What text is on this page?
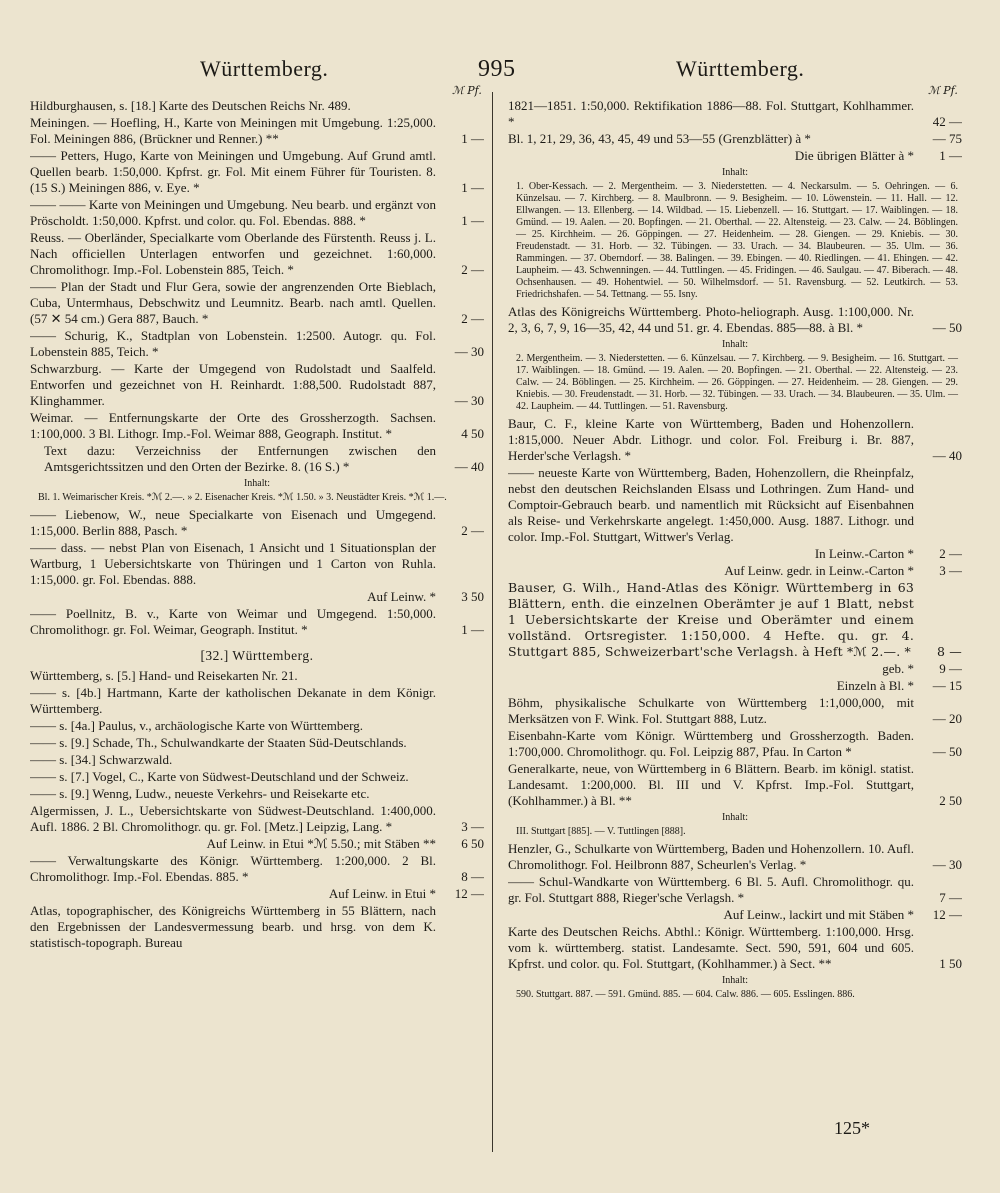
Württemberg.	995	Württemberg.
ℳ Pf.	ℳ Pf.
Hildburghausen, s. [18.] Karte des Deutschen Reichs Nr. 489.
Meiningen. — Hoefling, H., Karte von Meiningen mit Umgebung. 1:25,000. Fol. Meiningen 886, (Brückner und Renner.) **	1 —
—— Petters, Hugo, Karte von Meiningen und Umgebung. Auf Grund amtl. Quellen bearb. 1:50,000. Kpfrst. gr. Fol. Mit einem Führer für Touristen. 8. (15 S.) Meiningen 886, v. Eye. *	1 —
—— —— Karte von Meiningen und Umgebung. Neu bearb. und ergänzt von Pröscholdt. 1:50,000. Kpfrst. und color. qu. Fol. Ebendas. 888. *	1 —
Reuss. — Oberländer, Specialkarte vom Oberlande des Fürstenth. Reuss j. L. Nach officiellen Unterlagen entworfen und gezeichnet. 1:60,000. Chromolithogr. Imp.-Fol. Lobenstein 885, Teich. *	2 —
—— Plan der Stadt und Flur Gera, sowie der angrenzenden Orte Bieblach, Cuba, Untermhaus, Debschwitz und Leumnitz. Bearb. nach amtl. Quellen. (57 ✕ 54 cm.) Gera 887, Bauch. *	2 —
—— Schurig, K., Stadtplan von Lobenstein. 1:2500. Autogr. qu. Fol. Lobenstein 885, Teich. *	— 30
Schwarzburg. — Karte der Umgegend von Rudolstadt und Saalfeld. Entworfen und gezeichnet von H. Reinhardt. 1:88,500. Rudolstadt 887, Klinghammer.	— 30
Weimar. — Entfernungskarte der Orte des Grossherzogth. Sachsen. 1:100,000. 3 Bl. Lithogr. Imp.-Fol. Weimar 888, Geograph. Institut. *	4 50
Text dazu: Verzeichniss der Entfernungen zwischen den Amtsgerichtssitzen und den Orten der Bezirke. 8. (16 S.) *	— 40
Inhalt:
Bl. 1. Weimarischer Kreis. *ℳ 2.—. » 2. Eisenacher Kreis. *ℳ 1.50. » 3. Neustädter Kreis. *ℳ 1.—.
—— Liebenow, W., neue Specialkarte von Eisenach und Umgegend. 1:15,000. Berlin 888, Pasch. *	2 —
—— dass. — nebst Plan von Eisenach, 1 Ansicht und 1 Situationsplan der Wartburg, 1 Uebersichtskarte von Thüringen und 1 Carton von Ruhla. 1:15,000. gr. Fol. Ebendas. 888.
Auf Leinw. *	3 50
—— Poellnitz, B. v., Karte von Weimar und Umgegend. 1:50,000. Chromolithogr. gr. Fol. Weimar, Geograph. Institut. *	1 —
[32.] Württemberg.
Württemberg, s. [5.] Hand- und Reisekarten Nr. 21.
—— s. [4b.] Hartmann, Karte der katholischen Dekanate in dem Königr. Württemberg.
—— s. [4a.] Paulus, v., archäologische Karte von Württemberg.
—— s. [9.] Schade, Th., Schulwandkarte der Staaten Süd-Deutschlands.
—— s. [34.] Schwarzwald.
—— s. [7.] Vogel, C., Karte von Südwest-Deutschland und der Schweiz.
—— s. [9.] Wenng, Ludw., neueste Verkehrs- und Reisekarte etc.
Algermissen, J. L., Uebersichtskarte von Südwest-Deutschland. 1:400,000. Aufl. 1886. 2 Bl. Chromolithogr. qu. gr. Fol. [Metz.] Leipzig, Lang. *	3 —
Auf Leinw. in Etui *ℳ 5.50.; mit Stäben **	6 50
—— Verwaltungskarte des Königr. Württemberg. 1:200,000. 2 Bl. Chromolithogr. Imp.-Fol. Ebendas. 885. *	8 —
Auf Leinw. in Etui *	12 —
Atlas, topographischer, des Königreichs Württemberg in 55 Blättern, nach den Ergebnissen der Landesvermessung bearb. und hrsg. von dem K. statistisch-topograph. Bureau
1821—1851. 1:50,000. Rektifikation 1886—88. Fol. Stuttgart, Kohlhammer. *	42 —
Bl. 1, 21, 29, 36, 43, 45, 49 und 53—55 (Grenzblätter) à *	— 75
Die übrigen Blätter à *	1 —
Inhalt:
1. Ober-Kessach. — 2. Mergentheim. — 3. Niederstetten. — 4. Neckarsulm. — 5. Oehringen. — 6. Künzelsau. — 7. Kirchberg. — 8. Maulbronn. — 9. Besigheim. — 10. Löwenstein. — 11. Hall. — 12. Ellwangen. — 13. Ellenberg. — 14. Wildbad. — 15. Liebenzell. — 16. Stuttgart. — 17. Waiblingen. — 18. Gmünd. — 19. Aalen. — 20. Bopfingen. — 21. Oberthal. — 22. Altensteig. — 23. Calw. — 24. Böblingen. — 25. Kirchheim. — 26. Göppingen. — 27. Heidenheim. — 28. Giengen. — 29. Kniebis. — 30. Freudenstadt. — 31. Horb. — 32. Tübingen. — 33. Urach. — 34. Blaubeuren. — 35. Ulm. — 36. Rammingen. — 37. Oberndorf. — 38. Balingen. — 39. Ebingen. — 40. Riedlingen. — 41. Ehingen. — 42. Laupheim. — 43. Schwenningen. — 44. Tuttlingen. — 45. Fridingen. — 46. Saulgau. — 47. Biberach. — 48. Ochsenhausen. — 49. Hohentwiel. — 50. Wilhelmsdorf. — 51. Ravensburg. — 52. Leutkirch. — 53. Friedrichshafen. — 54. Tettnang. — 55. Isny.
Atlas des Königreichs Württemberg. Photo-heliograph. Ausg. 1:100,000. Nr. 2, 3, 6, 7, 9, 16—35, 42, 44 und 51. gr. 4. Ebendas. 885—88. à Bl. *	— 50
Inhalt:
2. Mergentheim. — 3. Niederstetten. — 6. Künzelsau. — 7. Kirchberg. — 9. Besigheim. — 16. Stuttgart. — 17. Waiblingen. — 18. Gmünd. — 19. Aalen. — 20. Bopfingen. — 21. Oberthal. — 22. Altensteig. — 23. Calw. — 24. Böblingen. — 25. Kirchheim. — 26. Göppingen. — 27. Heidenheim. — 28. Giengen. — 29. Kniebis. — 30. Freudenstadt. — 31. Horb. — 32. Tübingen. — 33. Urach. — 34. Blaubeuren. — 35. Ulm. — 42. Laupheim. — 44. Tuttlingen. — 51. Ravensburg.
Baur, C. F., kleine Karte von Württemberg, Baden und Hohenzollern. 1:815,000. Neuer Abdr. Lithogr. und color. Fol. Freiburg i. Br. 887, Herder'sche Verlagsh. *	— 40
—— neueste Karte von Württemberg, Baden, Hohenzollern, die Rheinpfalz, nebst den deutschen Reichslanden Elsass und Lothringen. Zum Hand- und Comptoir-Gebrauch bearb. und namentlich mit Rücksicht auf Eisenbahnen als Reise- und Verkehrskarte angelegt. 1:450,000. Ausg. 1887. Lithogr. und color. Imp.-Fol. Stuttgart, Wittwer's Verlag.
In Leinw.-Carton *	2 —
Auf Leinw. gedr. in Leinw.-Carton *	3 —
Bauser, G. Wilh., Hand-Atlas des Königr. Württemberg in 63 Blättern, enth. die einzelnen Oberämter je auf 1 Blatt, nebst 1 Uebersichtskarte der Kreise und Oberämter und einem vollständ. Ortsregister. 1:150,000. 4 Hefte. qu. gr. 4. Stuttgart 885, Schweizerbart'sche Verlagsh. à Heft *ℳ 2.—. *	8 —
geb. *	9 —
Einzeln à Bl. *	— 15
Böhm, physikalische Schulkarte von Württemberg 1:1,000,000, mit Merksätzen von F. Wink. Fol. Stuttgart 888, Lutz.	— 20
Eisenbahn-Karte vom Königr. Württemberg und Grossherzogth. Baden. 1:700,000. Chromolithogr. qu. Fol. Leipzig 887, Pfau. In Carton *	— 50
Generalkarte, neue, von Württemberg in 6 Blättern. Bearb. im königl. statist. Landesamt. 1:200,000. Bl. III und V. Kpfrst. Imp.-Fol. Stuttgart, (Kohlhammer.) à Bl. **	2 50
Inhalt:
III. Stuttgart [885]. — V. Tuttlingen [888].
Henzler, G., Schulkarte von Württemberg, Baden und Hohenzollern. 10. Aufl. Chromolithogr. Fol. Heilbronn 887, Scheurlen's Verlag. *	— 30
—— Schul-Wandkarte von Württemberg. 6 Bl. 5. Aufl. Chromolithogr. qu. gr. Fol. Stuttgart 888, Rieger'sche Verlagsh. *	7 —
Auf Leinw., lackirt und mit Stäben *	12 —
Karte des Deutschen Reichs. Abthl.: Königr. Württemberg. 1:100,000. Hrsg. vom k. württemberg. statist. Landesamte. Sect. 590, 591, 604 und 605. Kpfrst. und color. qu. Fol. Stuttgart, (Kohlhammer.) à Sect. **	1 50
Inhalt:
590. Stuttgart. 887. — 591. Gmünd. 885. — 604. Calw. 886. — 605. Esslingen. 886.
125*
